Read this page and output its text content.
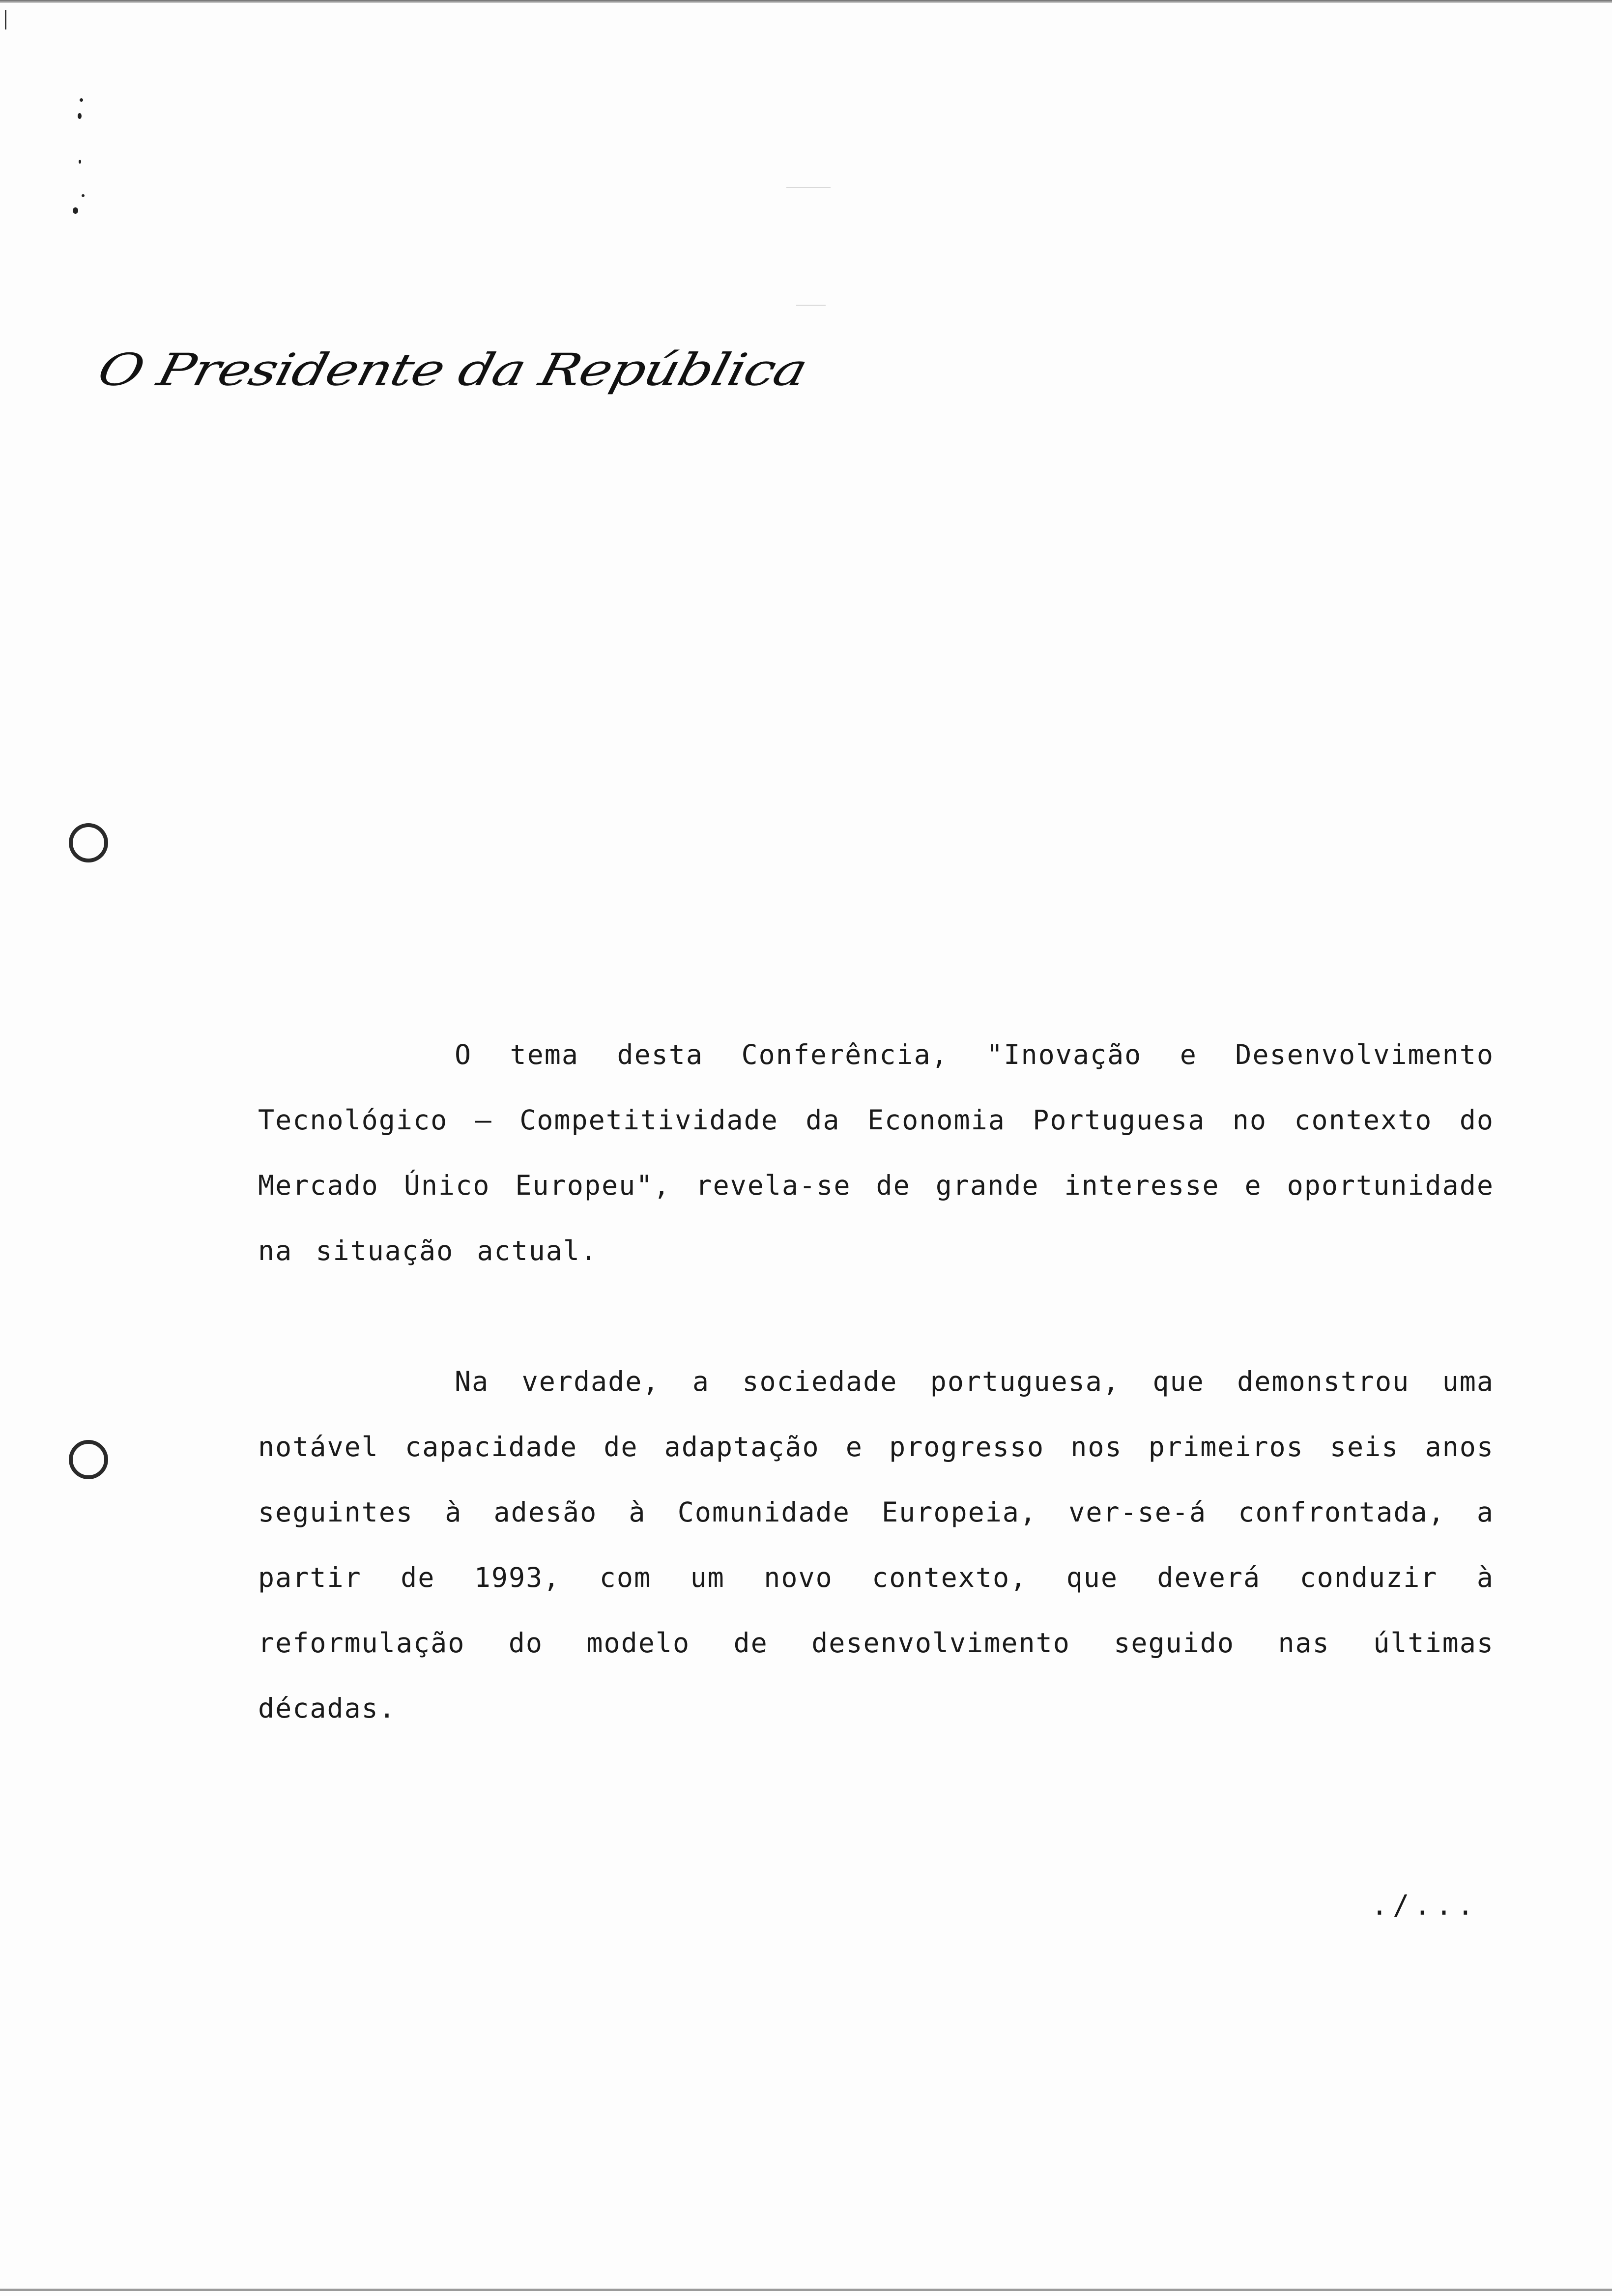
O Presidente da República

O tema desta Conferência, "Inovação e Desenvolvimento Tecnológico – Competitividade da Economia Portuguesa no contexto do Mercado Único Europeu", revela-se de grande interesse e oportunidade na situação actual.

Na verdade, a sociedade portuguesa, que demonstrou uma notável capacidade de adaptação e progresso nos primeiros seis anos seguintes à adesão à Comunidade Europeia, ver-se-á confrontada, a partir de 1993, com um novo contexto, que deverá conduzir à reformulação do modelo de desenvolvimento seguido nas últimas décadas.

./...
